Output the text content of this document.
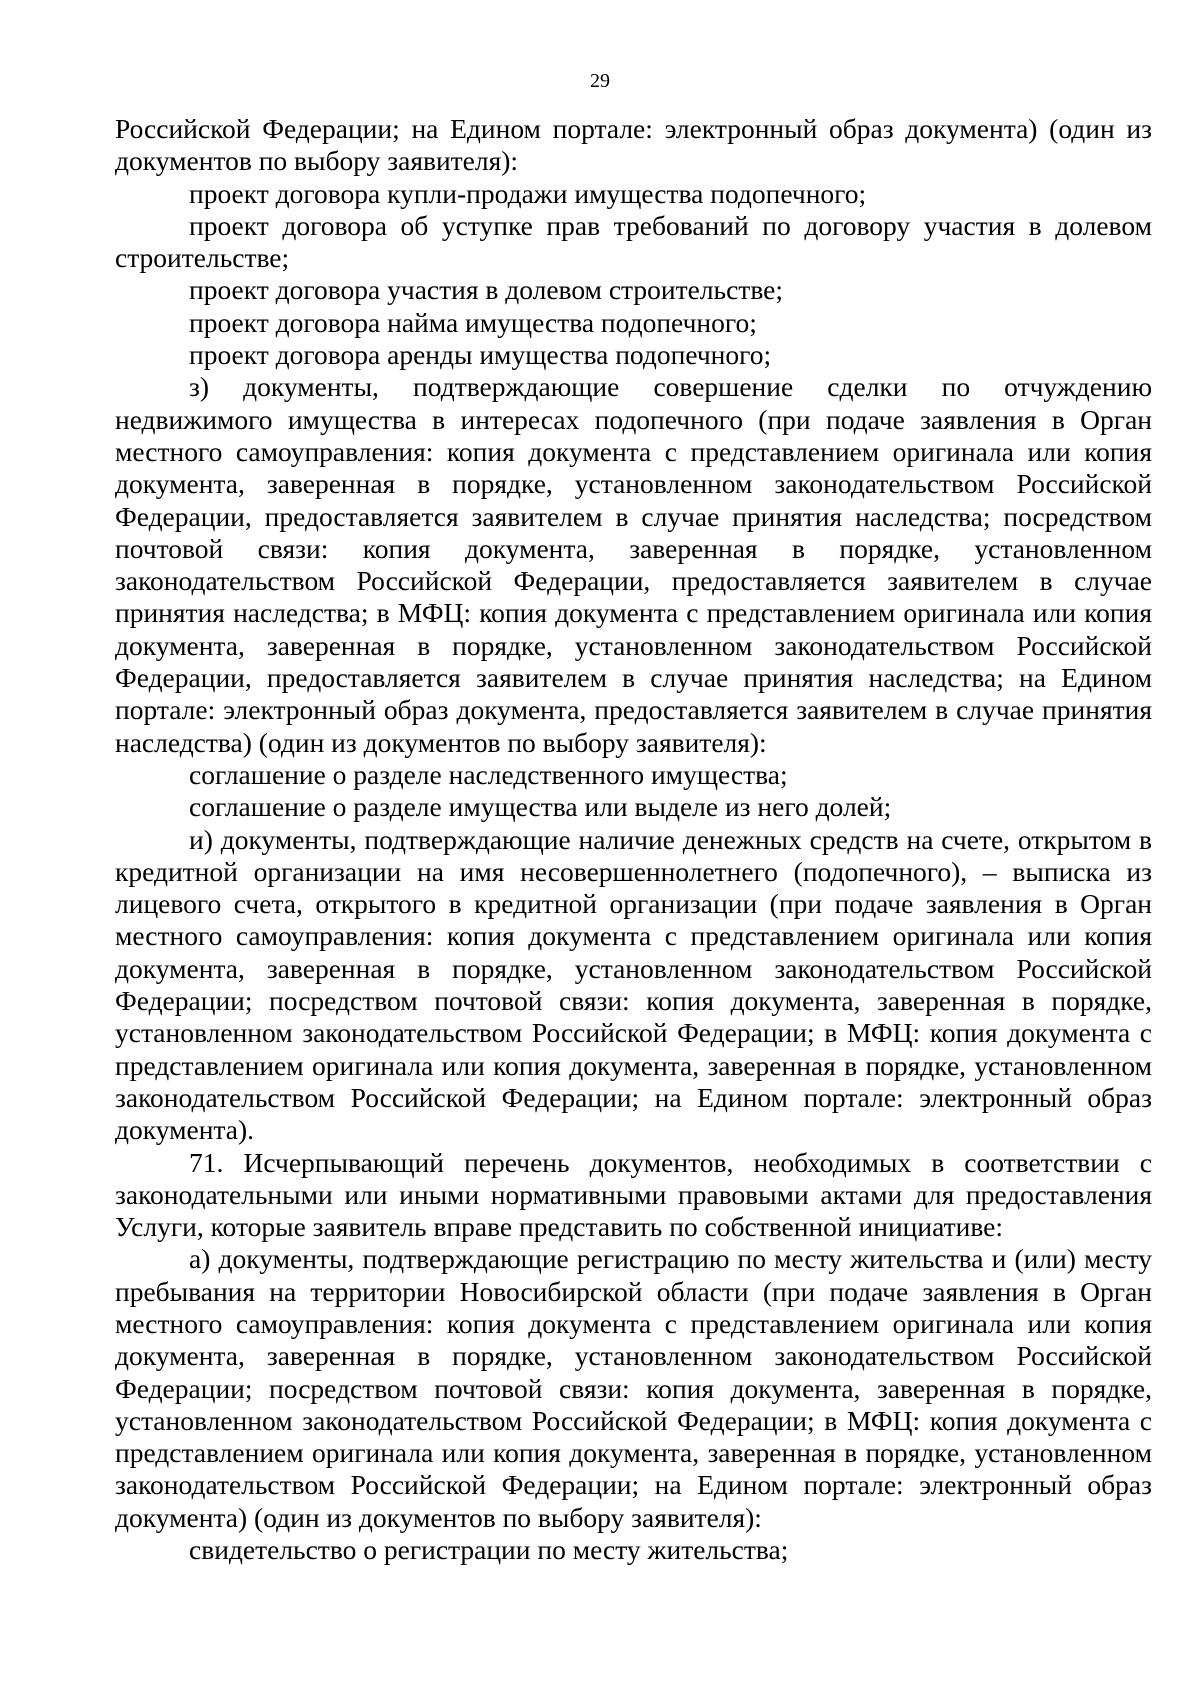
29

Российской Федерации; на Едином портале: электронный образ документа) (один из документов по выбору заявителя):

проект договора купли-продажи имущества подопечного;

проект договора об уступке прав требований по договору участия в долевом строительстве;

проект договора участия в долевом строительстве;

проект договора найма имущества подопечного;

проект договора аренды имущества подопечного;

з) документы, подтверждающие совершение сделки по отчуждению недвижимого имущества в интересах подопечного (при подаче заявления в Орган местного самоуправления: копия документа с представлением оригинала или копия документа, заверенная в порядке, установленном законодательством Российской Федерации, предоставляется заявителем в случае принятия наследства; посредством почтовой связи: копия документа, заверенная в порядке, установленном законодательством Российской Федерации, предоставляется заявителем в случае принятия наследства; в МФЦ: копия документа с представлением оригинала или копия документа, заверенная в порядке, установленном законодательством Российской Федерации, предоставляется заявителем в случае принятия наследства; на Едином портале: электронный образ документа, предоставляется заявителем в случае принятия наследства) (один из документов по выбору заявителя):

соглашение о разделе наследственного имущества;

соглашение о разделе имущества или выделе из него долей;

и) документы, подтверждающие наличие денежных средств на счете, открытом в кредитной организации на имя несовершеннолетнего (подопечного), – выписка из лицевого счета, открытого в кредитной организации (при подаче заявления в Орган местного самоуправления: копия документа с представлением оригинала или копия документа, заверенная в порядке, установленном законодательством Российской Федерации; посредством почтовой связи: копия документа, заверенная в порядке, установленном законодательством Российской Федерации; в МФЦ: копия документа с представлением оригинала или копия документа, заверенная в порядке, установленном законодательством Российской Федерации; на Едином портале: электронный образ документа).

71. Исчерпывающий перечень документов, необходимых в соответствии с законодательными или иными нормативными правовыми актами для предоставления Услуги, которые заявитель вправе представить по собственной инициативе:

а) документы, подтверждающие регистрацию по месту жительства и (или) месту пребывания на территории Новосибирской области (при подаче заявления в Орган местного самоуправления: копия документа с представлением оригинала или копия документа, заверенная в порядке, установленном законодательством Российской Федерации; посредством почтовой связи: копия документа, заверенная в порядке, установленном законодательством Российской Федерации; в МФЦ: копия документа с представлением оригинала или копия документа, заверенная в порядке, установленном законодательством Российской Федерации; на Едином портале: электронный образ документа) (один из документов по выбору заявителя):

свидетельство о регистрации по месту жительства;
